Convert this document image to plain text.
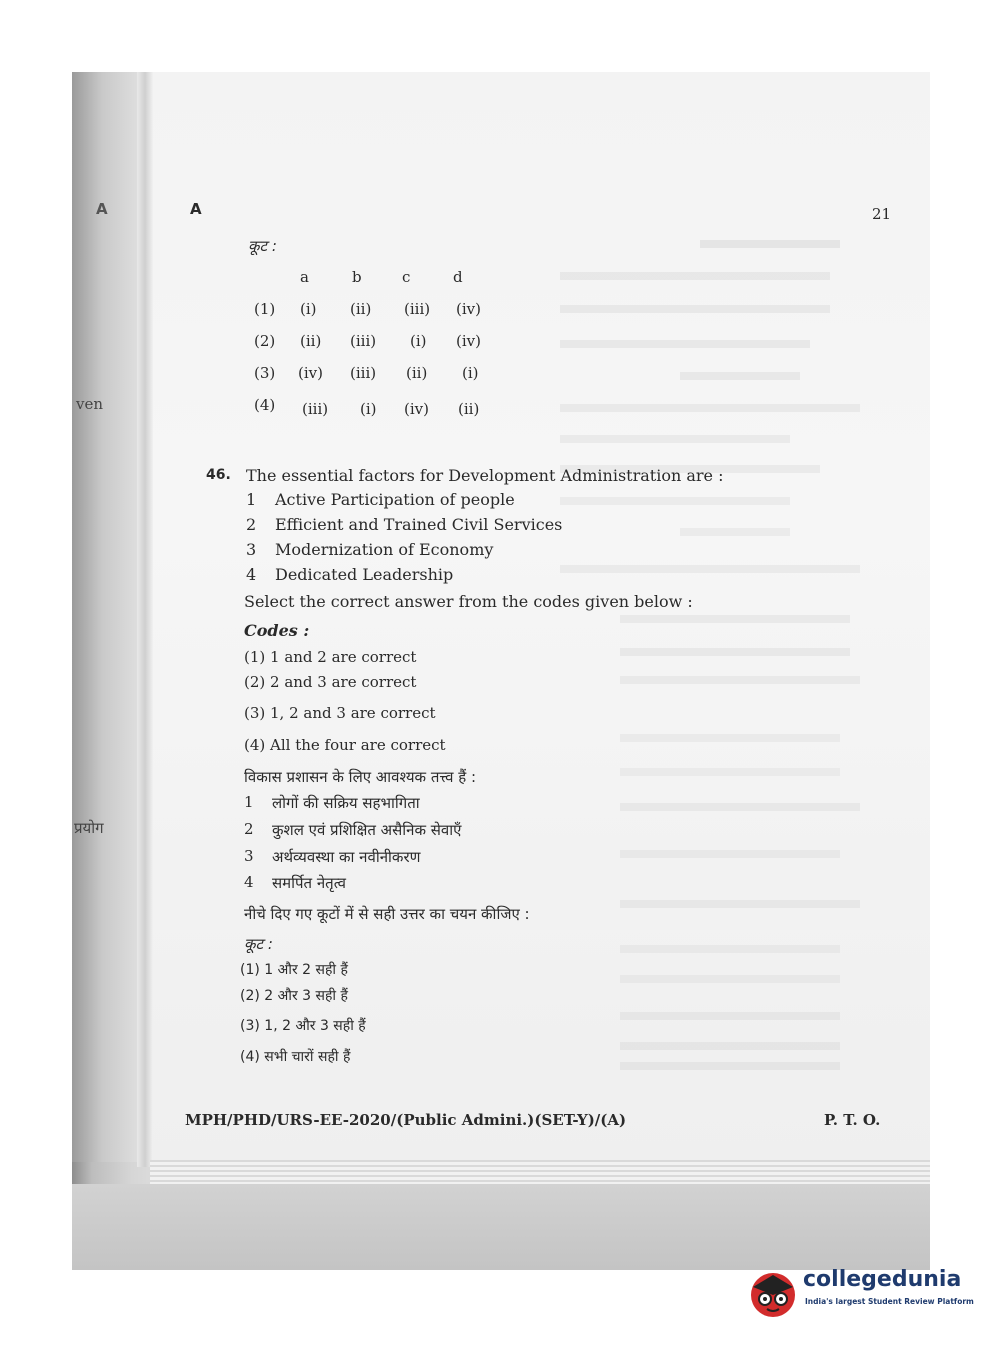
A	A	21
ven
प्रयोग
कूट :
a	b	c	d
(1) (i) (ii) (iii) (iv)
(2) (ii) (iii) (i) (iv)
(3) (iv) (iii) (ii) (i)
(4) (iii) (i) (iv) (ii)
46. The essential factors for Development Administration are :
1 Active Participation of people
2 Efficient and Trained Civil Services
3 Modernization of Economy
4 Dedicated Leadership
Select the correct answer from the codes given below :
Codes :
(1) 1 and 2 are correct
(2) 2 and 3 are correct
(3) 1, 2 and 3 are correct
(4) All the four are correct
विकास प्रशासन के लिए आवश्यक तत्त्व हैं :
1 लोगों की सक्रिय सहभागिता
2 कुशल एवं प्रशिक्षित असैनिक सेवाएँ
3 अर्थव्यवस्था का नवीनीकरण
4 समर्पित नेतृत्व
नीचे दिए गए कूटों में से सही उत्तर का चयन कीजिए :
कूट :
(1) 1 और 2 सही हैं
(2) 2 और 3 सही हैं
(3) 1, 2 और 3 सही हैं
(4) सभी चारों सही हैं
MPH/PHD/URS-EE-2020/(Public Admini.)(SET-Y)/(A)	P. T. O.
collegedunia
India's largest Student Review Platform
